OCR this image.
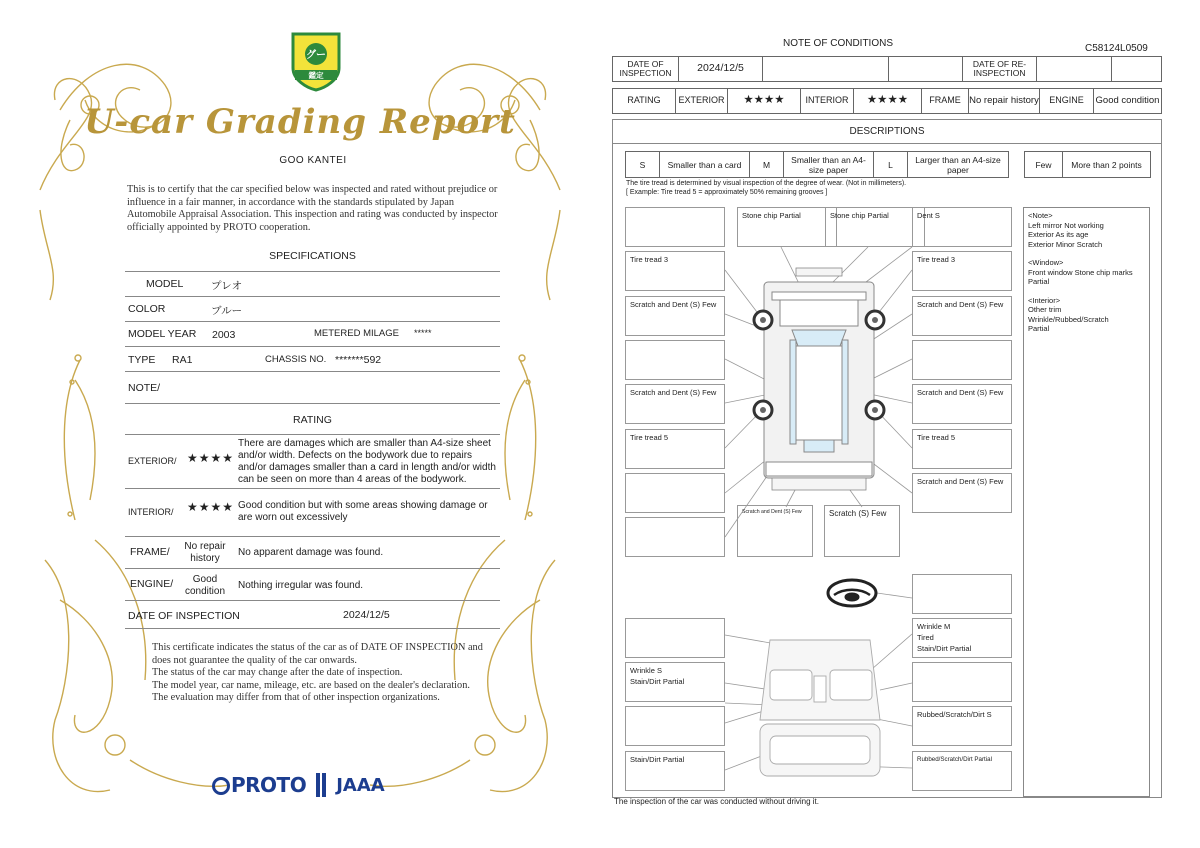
グー
鑑定
U-car Grading Report
GOO KANTEI
This is to certify that the car specified below was inspected and rated without prejudice or influence in a fair manner, in accordance with the standards stipulated by Japan Automobile Appraisal Association. This inspection and rating was conducted by inspector officially appointed by PROTO cooperation.
SPECIFICATIONS
MODEL	プレオ
COLOR	ブルー
MODEL YEAR 2003	METERED MILAGE *****
TYPE RA1	CHASSIS NO. *******592
NOTE/
RATING
EXTERIOR/ ★★★★
There are damages which are smaller than A4-size sheet and/or width. Defects on the bodywork due to repairs and/or damages smaller than a card in length and/or width can be seen on more than 4 areas of the bodywork.
INTERIOR/ ★★★★ Good condition but with some areas showing damage or are worn out excessively
FRAME/	No repair history
No apparent damage was found.
ENGINE/	Good condition
Nothing irregular was found.
DATE OF INSPECTION	2024/12/5
This certificate indicates the status of the car as of DATE OF INSPECTION and does not guarantee the quality of the car onwards.
The status of the car may change after the date of inspection.
The model year, car name, mileage, etc. are based on the dealer's declaration.
The evaluation may differ from that of other inspection organizations.
PROTO JAAA
NOTE OF CONDITIONS	C58124L0509
DATE OF INSPECTION	2024/12/5	DATE OF RE-INSPECTION
RATING	EXTERIOR	★★★★	INTERIOR	★★★★	FRAME No repair history	ENGINE	Good condition
DESCRIPTIONS
S	Smaller than a card	M	Smaller than an A4-size paper	L	Larger than an A4-size paper	Few	More than 2 points
The tire tread is determined by visual inspection of the degree of wear. (Not in millimeters).
[ Example: Tire tread 5 = approximately 50% remaining grooves ]
Stone chip Partial	Stone chip Partial	Dent S
Tire tread 3	Tire tread 3
Scratch and Dent (S) Few	Scratch and Dent (S) Few
Scratch and Dent (S) Few	Scratch and Dent (S) Few
Tire tread 5	Tire tread 5
Scratch and Dent (S) Few
Scratch and Dent (S) Few	Scratch (S) Few
Wrinkle M
Tired
Stain/Dirt Partial
Wrinkle S
Stain/Dirt Partial
Rubbed/Scratch/Dirt S
Stain/Dirt Partial	Rubbed/Scratch/Dirt Partial
<Note>
Left mirror Not working
Exterior As its age
Exterior Minor Scratch
<Window>
Front window Stone chip marks
Partial
<Interior>
Other trim
Wrinkle/Rubbed/Scratch
Partial
The inspection of the car was conducted without driving it.
